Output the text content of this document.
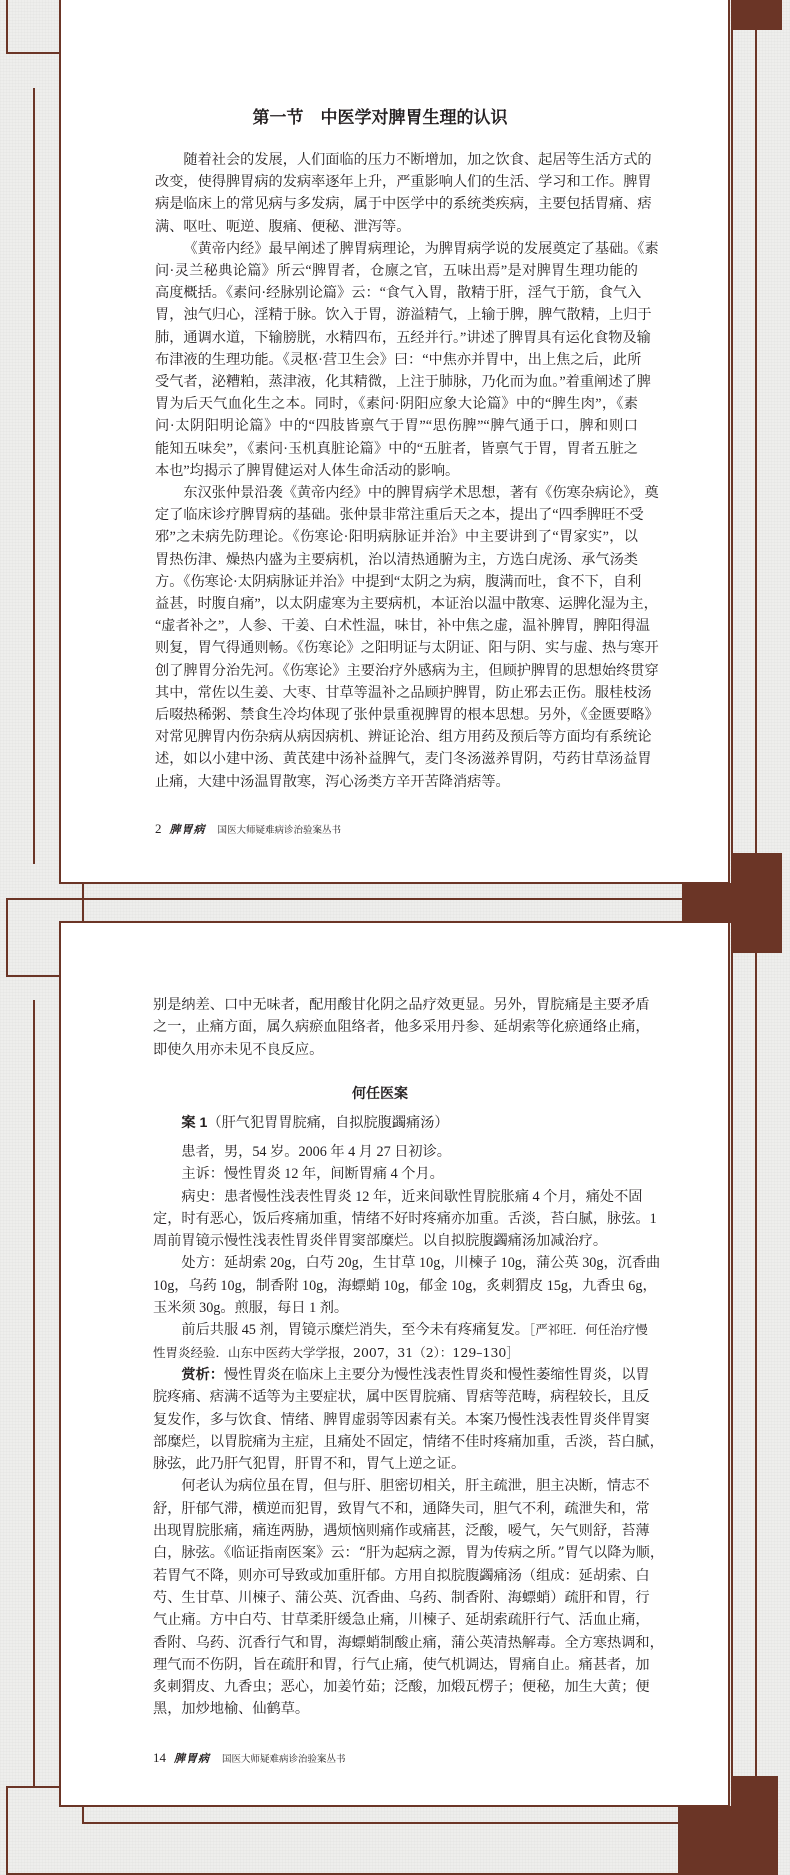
第一节　中医学对脾胃生理的认识
随着社会的发展，人们面临的压力不断增加，加之饮食、起居等生活方式的
改变，使得脾胃病的发病率逐年上升，严重影响人们的生活、学习和工作。脾胃
病是临床上的常见病与多发病，属于中医学中的系统类疾病，主要包括胃痛、痞
满、呕吐、呃逆、腹痛、便秘、泄泻等。
《黄帝内经》最早阐述了脾胃病理论，为脾胃病学说的发展奠定了基础。《素
问·灵兰秘典论篇》所云“脾胃者，仓廪之官，五味出焉”是对脾胃生理功能的
高度概括。《素问·经脉别论篇》云：“食气入胃，散精于肝，淫气于筋，食气入
胃，浊气归心，淫精于脉。饮入于胃，游溢精气，上输于脾，脾气散精，上归于
肺，通调水道，下输膀胱，水精四布，五经并行。”讲述了脾胃具有运化食物及输
布津液的生理功能。《灵枢·营卫生会》曰：“中焦亦并胃中，出上焦之后，此所
受气者，泌糟粕，蒸津液，化其精微，上注于肺脉，乃化而为血。”着重阐述了脾
胃为后天气血化生之本。同时，《素问·阴阳应象大论篇》中的“脾生肉”，《素
问·太阴阳明论篇》中的“四肢皆禀气于胃”“思伤脾”“脾气通于口，脾和则口
能知五味矣”，《素问·玉机真脏论篇》中的“五脏者，皆禀气于胃，胃者五脏之
本也”均揭示了脾胃健运对人体生命活动的影响。
东汉张仲景沿袭《黄帝内经》中的脾胃病学术思想，著有《伤寒杂病论》，奠
定了临床诊疗脾胃病的基础。张仲景非常注重后天之本，提出了“四季脾旺不受
邪”之未病先防理论。《伤寒论·阳明病脉证并治》中主要讲到了“胃家实”，以
胃热伤津、燥热内盛为主要病机，治以清热通腑为主，方选白虎汤、承气汤类
方。《伤寒论·太阴病脉证并治》中提到“太阴之为病，腹满而吐，食不下，自利
益甚，时腹自痛”，以太阴虚寒为主要病机，本证治以温中散寒、运脾化湿为主，
“虚者补之”，人参、干姜、白术性温，味甘，补中焦之虚，温补脾胃，脾阳得温
则复，胃气得通则畅。《伤寒论》之阳明证与太阴证、阳与阴、实与虚、热与寒开
创了脾胃分治先河。《伤寒论》主要治疗外感病为主，但顾护脾胃的思想始终贯穿
其中，常佐以生姜、大枣、甘草等温补之品顾护脾胃，防止邪去正伤。服桂枝汤
后啜热稀粥、禁食生冷均体现了张仲景重视脾胃的根本思想。另外，《金匮要略》
对常见脾胃内伤杂病从病因病机、辨证论治、组方用药及预后等方面均有系统论
述，如以小建中汤、黄芪建中汤补益脾气，麦门冬汤滋养胃阴，芍药甘草汤益胃
止痛，大建中汤温胃散寒，泻心汤类方辛开苦降消痞等。
2 脾胃病 国医大师疑难病诊治验案丛书
别是纳差、口中无味者，配用酸甘化阴之品疗效更显。另外，胃脘痛是主要矛盾
之一，止痛方面，属久病瘀血阻络者，他多采用丹参、延胡索等化瘀通络止痛，
即使久用亦未见不良反应。
何任医案
案 1（肝气犯胃胃脘痛，自拟脘腹蠲痛汤）
患者，男，54 岁。2006 年 4 月 27 日初诊。
主诉：慢性胃炎 12 年，间断胃痛 4 个月。
病史：患者慢性浅表性胃炎 12 年，近来间歇性胃脘胀痛 4 个月，痛处不固
定，时有恶心，饭后疼痛加重，情绪不好时疼痛亦加重。舌淡，苔白腻，脉弦。1
周前胃镜示慢性浅表性胃炎伴胃窦部糜烂。以自拟脘腹蠲痛汤加减治疗。
处方：延胡索 20g，白芍 20g，生甘草 10g，川楝子 10g，蒲公英 30g，沉香曲
10g，乌药 10g，制香附 10g，海螵蛸 10g，郁金 10g，炙刺猬皮 15g，九香虫 6g，
玉米须 30g。煎服，每日 1 剂。
前后共服 45 剂，胃镜示糜烂消失，至今未有疼痛复发。［严祁旺．何任治疗慢
性胃炎经验．山东中医药大学学报，2007，31（2）：129–130］
赏析：慢性胃炎在临床上主要分为慢性浅表性胃炎和慢性萎缩性胃炎，以胃
脘疼痛、痞满不适等为主要症状，属中医胃脘痛、胃痞等范畴，病程较长，且反
复发作，多与饮食、情绪、脾胃虚弱等因素有关。本案乃慢性浅表性胃炎伴胃窦
部糜烂，以胃脘痛为主症，且痛处不固定，情绪不佳时疼痛加重，舌淡，苔白腻，
脉弦，此乃肝气犯胃，肝胃不和，胃气上逆之证。
何老认为病位虽在胃，但与肝、胆密切相关，肝主疏泄，胆主决断，情志不
舒，肝郁气滞，横逆而犯胃，致胃气不和，通降失司，胆气不利，疏泄失和，常
出现胃脘胀痛，痛连两胁，遇烦恼则痛作或痛甚，泛酸，嗳气，矢气则舒，苔薄
白，脉弦。《临证指南医案》云：“肝为起病之源，胃为传病之所。”胃气以降为顺，
若胃气不降，则亦可导致或加重肝郁。方用自拟脘腹蠲痛汤（组成：延胡索、白
芍、生甘草、川楝子、蒲公英、沉香曲、乌药、制香附、海螵蛸）疏肝和胃，行
气止痛。方中白芍、甘草柔肝缓急止痛，川楝子、延胡索疏肝行气、活血止痛，
香附、乌药、沉香行气和胃，海螵蛸制酸止痛，蒲公英清热解毒。全方寒热调和，
理气而不伤阴，旨在疏肝和胃，行气止痛，使气机调达，胃痛自止。痛甚者，加
炙刺猬皮、九香虫；恶心，加姜竹茹；泛酸，加煅瓦楞子；便秘，加生大黄；便
黑，加炒地榆、仙鹤草。
14 脾胃病 国医大师疑难病诊治验案丛书
